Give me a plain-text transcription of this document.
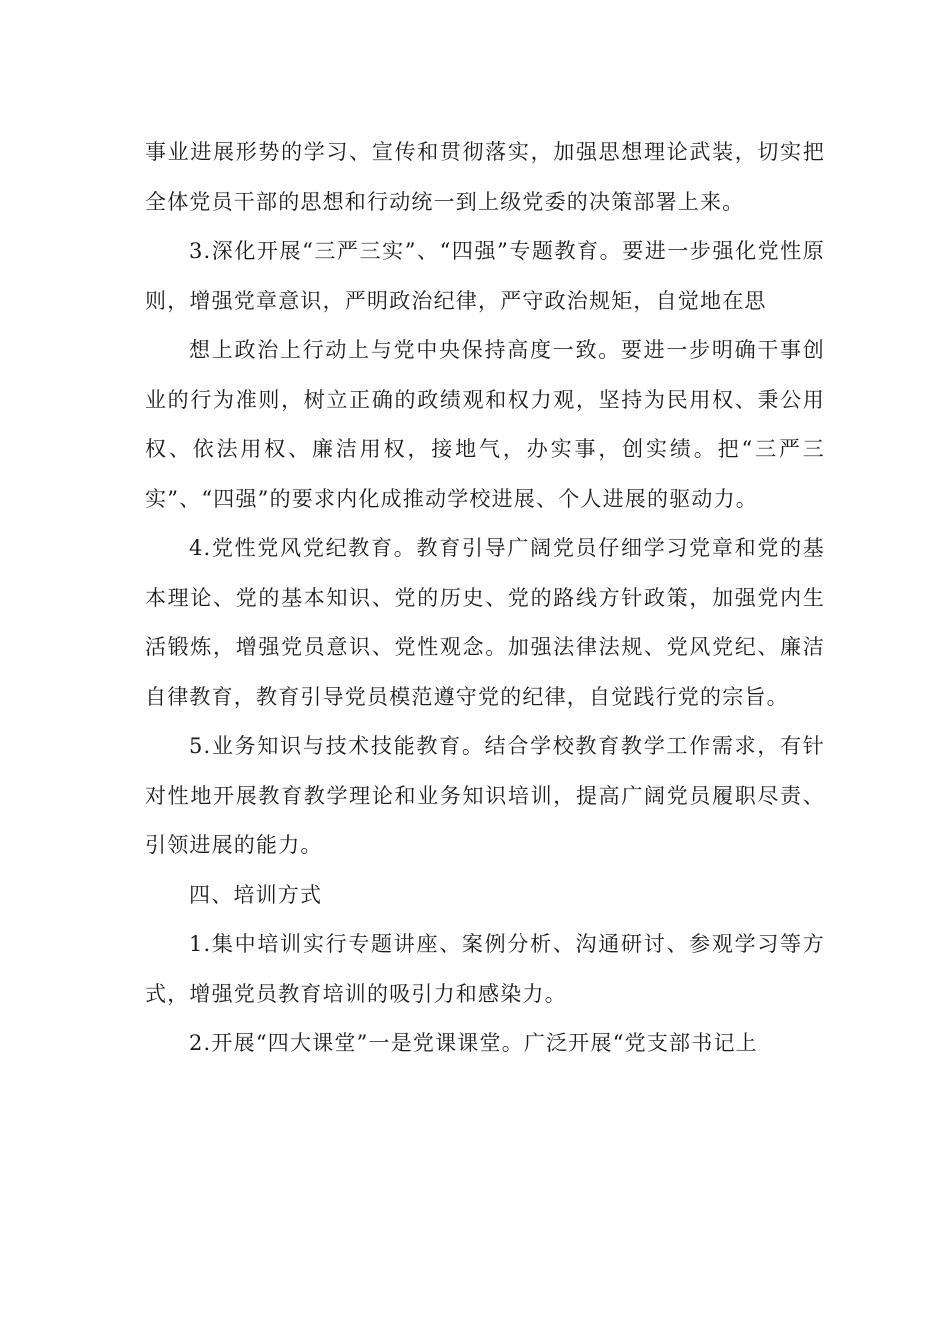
事业进展形势的学习、宣传和贯彻落实，加强思想理论武装，切实把全体党员干部的思想和行动统一到上级党委的决策部署上来。

3.深化开展“三严三实”、“四强”专题教育。要进一步强化党性原则，增强党章意识，严明政治纪律，严守政治规矩，自觉地在思

想上政治上行动上与党中央保持高度一致。要进一步明确干事创业的行为准则，树立正确的政绩观和权力观，坚持为民用权、秉公用权、依法用权、廉洁用权，接地气，办实事，创实绩。把“三严三实”、“四强”的要求内化成推动学校进展、个人进展的驱动力。

4.党性党风党纪教育。教育引导广阔党员仔细学习党章和党的基本理论、党的基本知识、党的历史、党的路线方针政策，加强党内生活锻炼，增强党员意识、党性观念。加强法律法规、党风党纪、廉洁自律教育，教育引导党员模范遵守党的纪律，自觉践行党的宗旨。

5.业务知识与技术技能教育。结合学校教育教学工作需求，有针对性地开展教育教学理论和业务知识培训，提高广阔党员履职尽责、引领进展的能力。

四、培训方式

1.集中培训实行专题讲座、案例分析、沟通研讨、参观学习等方式，增强党员教育培训的吸引力和感染力。

2.开展“四大课堂”一是党课课堂。广泛开展“党支部书记上
